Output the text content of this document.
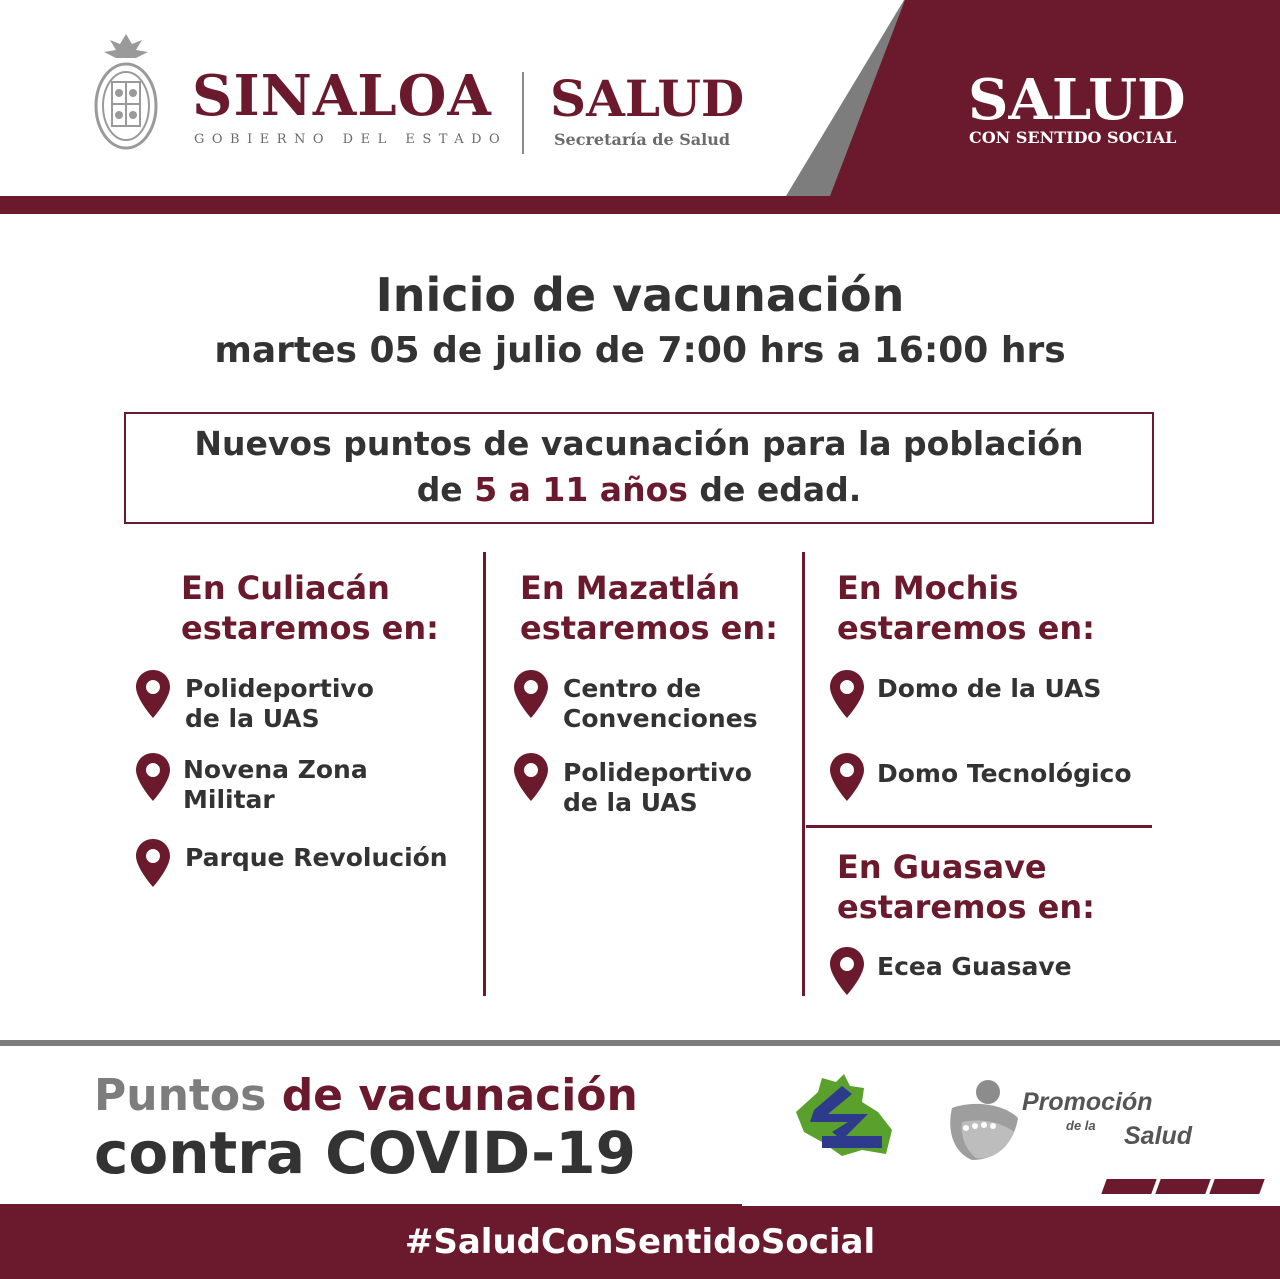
SINALOA
GOBIERNO DEL ESTADO
SALUD
Secretaría de Salud
SALUD
CON SENTIDO SOCIAL
Inicio de vacunación
martes 05 de julio de 7:00 hrs a 16:00 hrs
Nuevos puntos de vacunación para la población
de 5 a 11 años de edad.
En Culiacán
estaremos en:
Polideportivo
de la UAS
Novena Zona
Militar
Parque Revolución
En Mazatlán
estaremos en:
Centro de
Convenciones
Polideportivo
de la UAS
En Mochis
estaremos en:
Domo de la UAS
Domo Tecnológico
En Guasave
estaremos en:
Ecea Guasave
Puntos de vacunación
contra COVID-19
Promoción
de la Salud
#SaludConSentidoSocial
